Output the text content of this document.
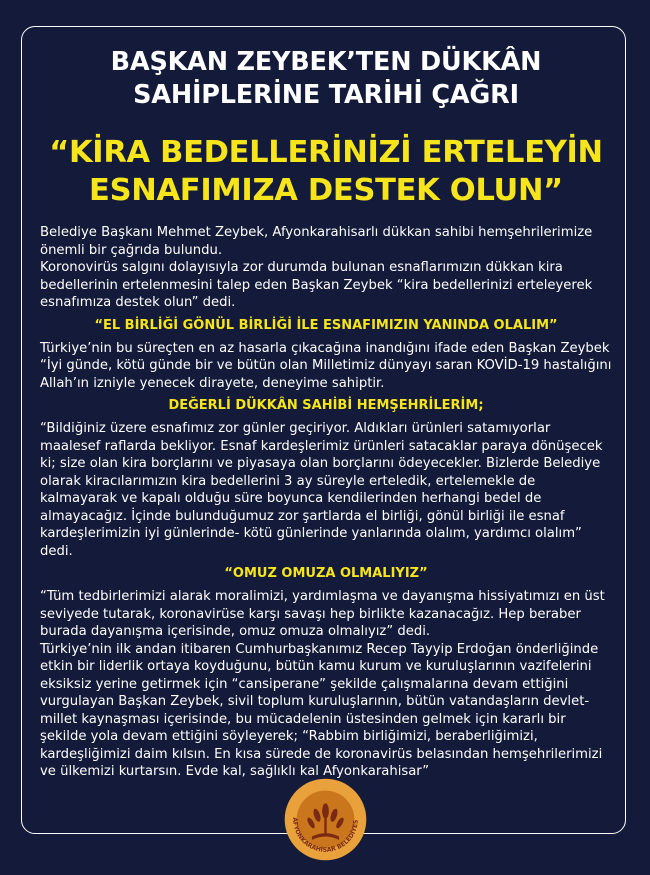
BAŞKAN ZEYBEK’TEN DÜKKÂN
SAHİPLERİNE TARİHİ ÇAĞRI
“KİRA BEDELLERİNİZİ ERTELEYİN
ESNAFIMIZA DESTEK OLUN”

Belediye Başkanı Mehmet Zeybek, Afyonkarahisarlı dükkan sahibi hemşehrilerimize önemli bir çağrıda bulundu.

Koronovirüs salgını dolayısıyla zor durumda bulunan esnaflarımızın dükkan kira bedellerinin ertelenmesini talep eden Başkan Zeybek “kira bedellerinizi erteleyerek esnafımıza destek olun” dedi.

“EL BİRLİĞİ GÖNÜL BİRLİĞİ İLE ESNAFIMIZIN YANINDA OLALIM”

Türkiye’nin bu süreçten en az hasarla çıkacağına inandığını ifade eden Başkan Zeybek “İyi günde, kötü günde bir ve bütün olan Milletimiz dünyayı saran KOVİD-19 hastalığını Allah’ın izniyle yenecek dirayete, deneyime sahiptir.

DEĞERLİ DÜKKÂN SAHİBİ HEMŞEHRİLERİM;

“Bildiğiniz üzere esnafımız zor günler geçiriyor. Aldıkları ürünleri satamıyorlar maalesef raflarda bekliyor. Esnaf kardeşlerimiz ürünleri satacaklar paraya dönüşecek ki; size olan kira borçlarını ve piyasaya olan borçlarını ödeyecekler. Bizlerde Belediye olarak kiracılarımızın kira bedellerini 3 ay süreyle erteledik, ertelemekle de kalmayarak ve kapalı olduğu süre boyunca kendilerinden herhangi bedel de almayacağız. İçinde bulunduğumuz zor şartlarda el birliği, gönül birliği ile esnaf kardeşlerimizin iyi günlerinde- kötü günlerinde yanlarında olalım, yardımcı olalım” dedi.

“OMUZ OMUZA OLMALIYIZ”

“Tüm tedbirlerimizi alarak moralimizi, yardımlaşma ve dayanışma hissiyatımızı en üst seviyede tutarak, koronavirüse karşı savaşı hep birlikte kazanacağız. Hep beraber burada dayanışma içerisinde, omuz omuza olmalıyız” dedi.

Türkiye’nin ilk andan itibaren Cumhurbaşkanımız Recep Tayyip Erdoğan önderliğinde etkin bir liderlik ortaya koyduğunu, bütün kamu kurum ve kuruluşlarının vazifelerini eksiksiz yerine getirmek için “cansiperane” şekilde çalışmalarına devam ettiğini vurgulayan Başkan Zeybek, sivil toplum kuruluşlarının, bütün vatandaşların devlet-millet kaynaşması içerisinde, bu mücadelenin üstesinden gelmek için kararlı bir şekilde yola devam ettiğini söyleyerek; “Rabbim birliğimizi, beraberliğimizi, kardeşliğimizi daim kılsın. En kısa sürede de koronavirüs belasından hemşehrilerimizi ve ülkemizi kurtarsın. Evde kal, sağlıklı kal Afyonkarahisar”

AFYONKARAHİSAR BELEDİYES
